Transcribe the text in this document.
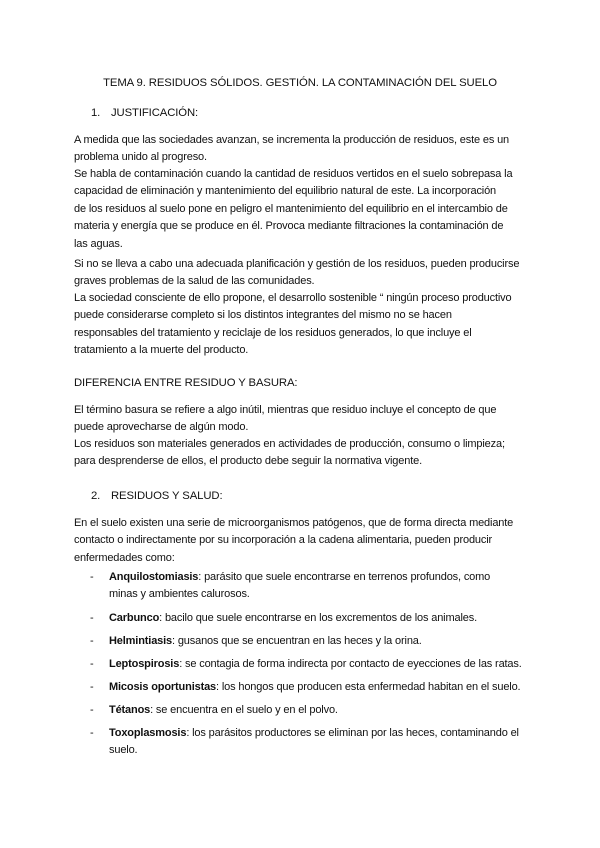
TEMA 9. RESIDUOS SÓLIDOS. GESTIÓN. LA CONTAMINACIÓN DEL SUELO
1. JUSTIFICACIÓN:

A medida que las sociedades avanzan, se incrementa la producción de residuos, este es un
problema unido al progreso.

Se habla de contaminación cuando la cantidad de residuos vertidos en el suelo sobrepasa la
capacidad de eliminación y mantenimiento del equilibrio natural de este. La incorporación
de los residuos al suelo pone en peligro el mantenimiento del equilibrio en el intercambio de
materia y energía que se produce en él. Provoca mediante filtraciones la contaminación de
las aguas.

Si no se lleva a cabo una adecuada planificación y gestión de los residuos, pueden producirse
graves problemas de la salud de las comunidades.

La sociedad consciente de ello propone, el desarrollo sostenible “ ningún proceso productivo
puede considerarse completo si los distintos integrantes del mismo no se hacen
responsables del tratamiento y reciclaje de los residuos generados, lo que incluye el
tratamiento a la muerte del producto.

DIFERENCIA ENTRE RESIDUO Y BASURA:

El término basura se refiere a algo inútil, mientras que residuo incluye el concepto de que
puede aprovecharse de algún modo.

Los residuos son materiales generados en actividades de producción, consumo o limpieza;
para desprenderse de ellos, el producto debe seguir la normativa vigente.

2. RESIDUOS Y SALUD:

En el suelo existen una serie de microorganismos patógenos, que de forma directa mediante
contacto o indirectamente por su incorporación a la cadena alimentaria, pueden producir
enfermedades como:

- Anquilostomiasis: parásito que suele encontrarse en terrenos profundos, como
minas y ambientes calurosos.
- Carbunco: bacilo que suele encontrarse en los excrementos de los animales.
- Helmintiasis: gusanos que se encuentran en las heces y la orina.
- Leptospirosis: se contagia de forma indirecta por contacto de eyecciones de las ratas.
- Micosis oportunistas: los hongos que producen esta enfermedad habitan en el suelo.
- Tétanos: se encuentra en el suelo y en el polvo.
- Toxoplasmosis: los parásitos productores se eliminan por las heces, contaminando el
suelo.
